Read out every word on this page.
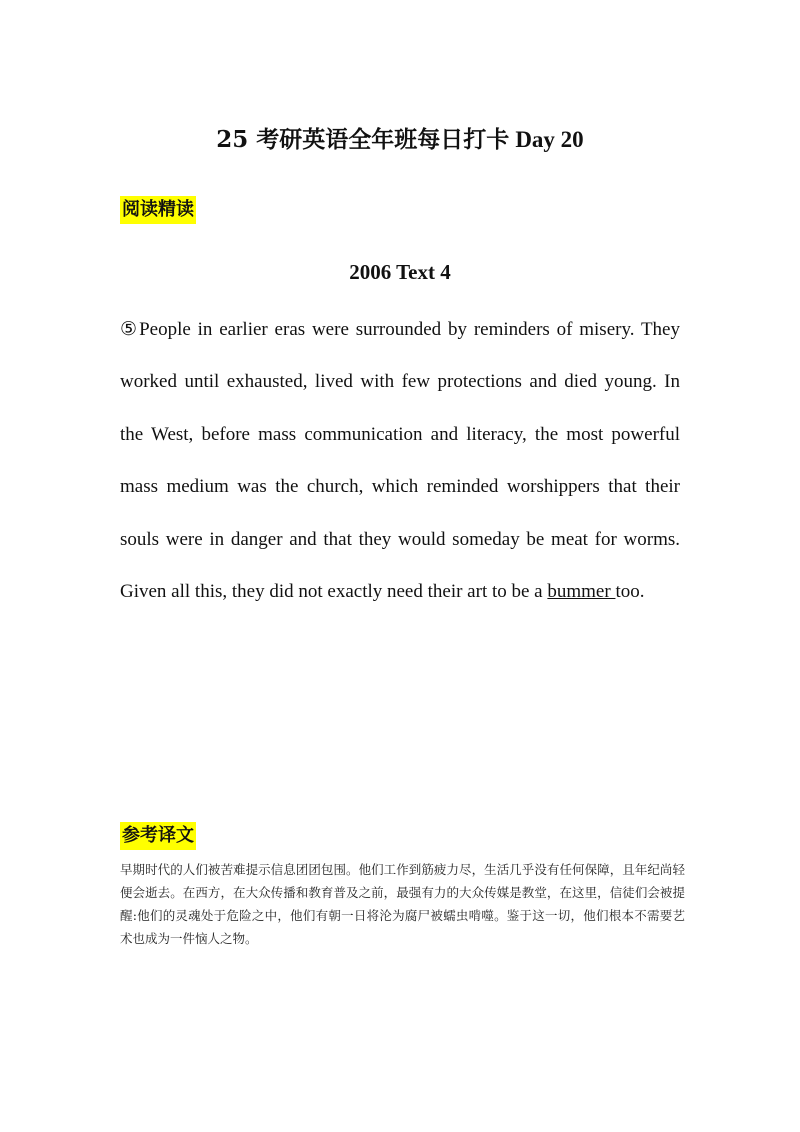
25 考研英语全年班每日打卡 Day 20
阅读精读
2006 Text 4

⑤People in earlier eras were surrounded by reminders of misery. They worked until exhausted, lived with few protections and died young. In the West, before mass communication and literacy, the most powerful mass medium was the church, which reminded worshippers that their souls were in danger and that they would someday be meat for worms. Given all this, they did not exactly need their art to be a bummer too.

参考译文

早期时代的人们被苦难提示信息团团包围。他们工作到筋疲力尽，生活几乎没有任何保障，且年纪尚轻便会逝去。在西方，在大众传播和教育普及之前，最强有力的大众传媒是教堂，在这里，信徒们会被提醒:他们的灵魂处于危险之中，他们有朝一日将沦为腐尸被蠕虫啃噬。鉴于这一切，他们根本不需要艺术也成为一件恼人之物。
